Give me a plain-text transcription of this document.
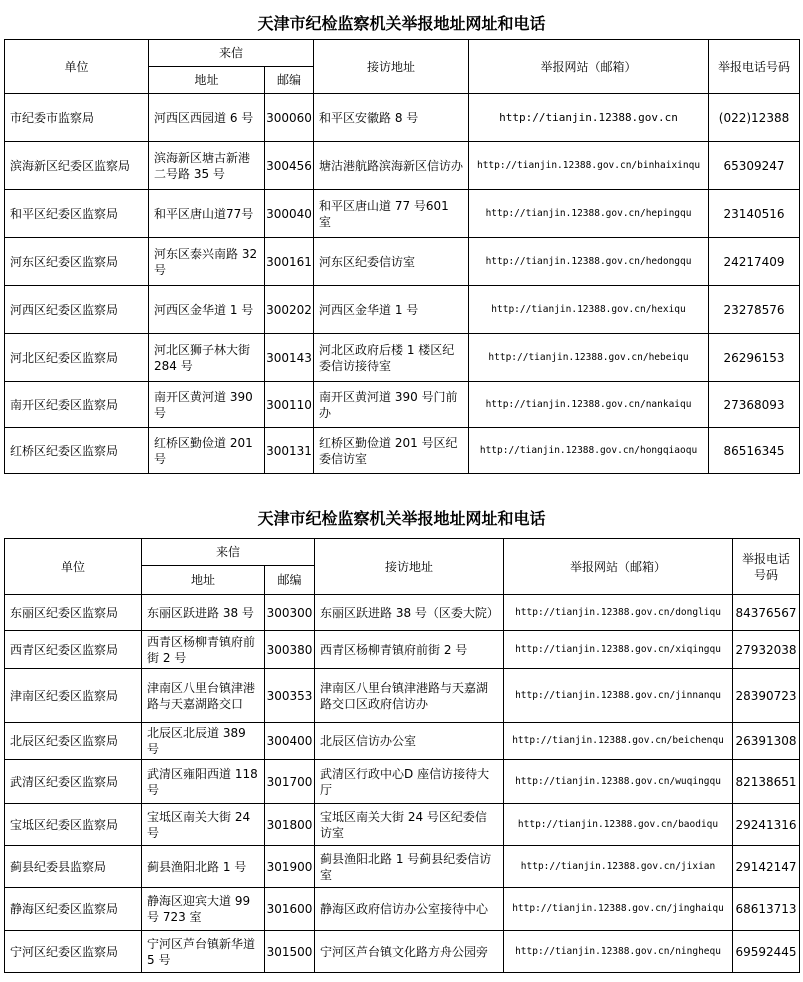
天津市纪检监察机关举报地址网址和电话
单位	来信		接访地址	举报网站（邮箱）	举报电话号码
	地址	邮编			
市纪委市监察局	河西区西园道 6 号	300060	和平区安徽路 8 号	http://tianjin.12388.gov.cn	(022)12388
滨海新区纪委区监察局	滨海新区塘古新港二号路 35 号	300456	塘沽港航路滨海新区信访办	http://tianjin.12388.gov.cn/binhaixinqu	65309247
和平区纪委区监察局	和平区唐山道77号	300040	和平区唐山道 77 号601 室	http://tianjin.12388.gov.cn/hepingqu	23140516
河东区纪委区监察局	河东区泰兴南路 32 号	300161	河东区纪委信访室	http://tianjin.12388.gov.cn/hedongqu	24217409
河西区纪委区监察局	河西区金华道 1 号	300202	河西区金华道 1 号	http://tianjin.12388.gov.cn/hexiqu	23278576
河北区纪委区监察局	河北区狮子林大街 284 号	300143	河北区政府后楼 1 楼区纪委信访接待室	http://tianjin.12388.gov.cn/hebeiqu	26296153
南开区纪委区监察局	南开区黄河道 390 号	300110	南开区黄河道 390 号门前办	http://tianjin.12388.gov.cn/nankaiqu	27368093
红桥区纪委区监察局	红桥区勤俭道 201 号	300131	红桥区勤俭道 201 号区纪委信访室	http://tianjin.12388.gov.cn/hongqiaoqu	86516345
天津市纪检监察机关举报地址网址和电话
单位	来信		接访地址	举报网站（邮箱）	举报电话号码
	地址	邮编			
东丽区纪委区监察局	东丽区跃进路 38 号	300300	东丽区跃进路 38 号（区委大院）	http://tianjin.12388.gov.cn/dongliqu	84376567
西青区纪委区监察局	西青区杨柳青镇府前街 2 号	300380	西青区杨柳青镇府前街 2 号	http://tianjin.12388.gov.cn/xiqingqu	27932038
津南区纪委区监察局	津南区八里台镇津港路与天嘉湖路交口	300353	津南区八里台镇津港路与天嘉湖路交口区政府信访办	http://tianjin.12388.gov.cn/jinnanqu	28390723
北辰区纪委区监察局	北辰区北辰道 389 号	300400	北辰区信访办公室	http://tianjin.12388.gov.cn/beichenqu	26391308
武清区纪委区监察局	武清区雍阳西道 118 号	301700	武清区行政中心D 座信访接待大厅	http://tianjin.12388.gov.cn/wuqingqu	82138651
宝坻区纪委区监察局	宝坻区南关大街 24 号	301800	宝坻区南关大街 24 号区纪委信访室	http://tianjin.12388.gov.cn/baodiqu	29241316
蓟县纪委县监察局	蓟县渔阳北路 1 号	301900	蓟县渔阳北路 1 号蓟县纪委信访室	http://tianjin.12388.gov.cn/jixian	29142147
静海区纪委区监察局	静海区迎宾大道 99 号 723 室	301600	静海区政府信访办公室接待中心	http://tianjin.12388.gov.cn/jinghaiqu	68613713
宁河区纪委区监察局	宁河区芦台镇新华道 5 号	301500	宁河区芦台镇文化路方舟公园旁	http://tianjin.12388.gov.cn/ninghequ	69592445
